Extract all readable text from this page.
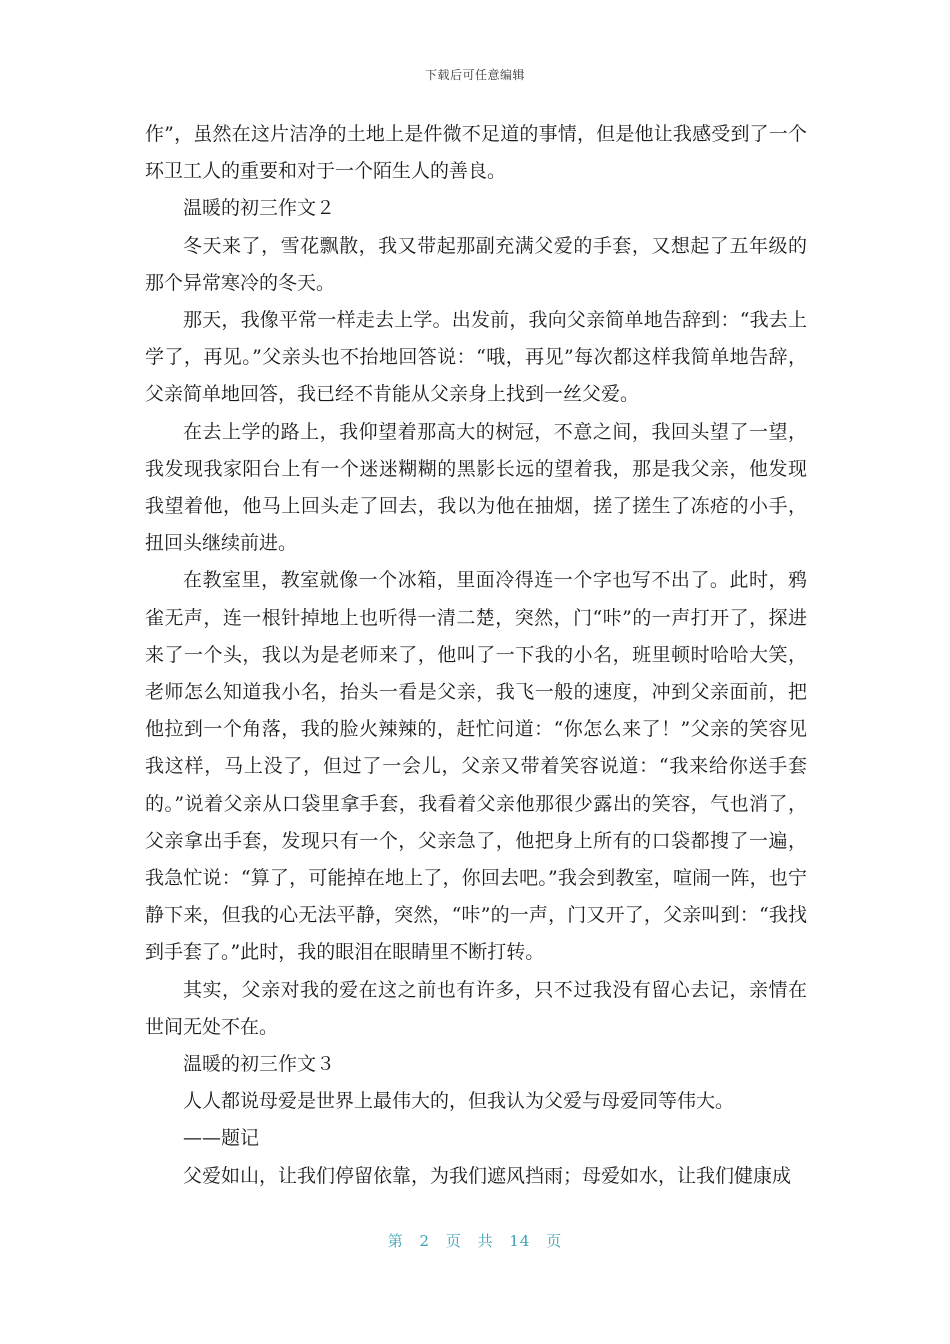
下载后可任意编辑

作”，虽然在这片洁净的土地上是件微不足道的事情，但是他让我感受到了一个环卫工人的重要和对于一个陌生人的善良。

温暖的初三作文２

冬天来了，雪花飘散，我又带起那副充满父爱的手套，又想起了五年级的那个异常寒冷的冬天。

那天，我像平常一样走去上学。出发前，我向父亲简单地告辞到：“我去上学了，再见。”父亲头也不抬地回答说：“哦，再见”每次都这样我简单地告辞，父亲简单地回答，我已经不肯能从父亲身上找到一丝父爱。

在去上学的路上，我仰望着那高大的树冠，不意之间，我回头望了一望，我发现我家阳台上有一个迷迷糊糊的黑影长远的望着我，那是我父亲，他发现我望着他，他马上回头走了回去，我以为他在抽烟，搓了搓生了冻疮的小手，扭回头继续前进。

在教室里，教室就像一个冰箱，里面冷得连一个字也写不出了。此时，鸦雀无声，连一根针掉地上也听得一清二楚，突然，门“咔”的一声打开了，探进来了一个头，我以为是老师来了，他叫了一下我的小名，班里顿时哈哈大笑，老师怎么知道我小名，抬头一看是父亲，我飞一般的速度，冲到父亲面前，把他拉到一个角落，我的脸火辣辣的，赶忙问道：“你怎么来了！”父亲的笑容见我这样，马上没了，但过了一会儿，父亲又带着笑容说道：“我来给你送手套的。”说着父亲从口袋里拿手套，我看着父亲他那很少露出的笑容，气也消了，父亲拿出手套，发现只有一个，父亲急了，他把身上所有的口袋都搜了一遍，我急忙说：“算了，可能掉在地上了，你回去吧。”我会到教室，喧闹一阵，也宁静下来，但我的心无法平静，突然，“咔”的一声，门又开了，父亲叫到：“我找到手套了。”此时，我的眼泪在眼睛里不断打转。

其实，父亲对我的爱在这之前也有许多，只不过我没有留心去记，亲情在世间无处不在。

温暖的初三作文３

人人都说母爱是世界上最伟大的，但我认为父爱与母爱同等伟大。

——题记

父爱如山，让我们停留依靠，为我们遮风挡雨；母爱如水，让我们健康成

第 2 页 共 14 页
